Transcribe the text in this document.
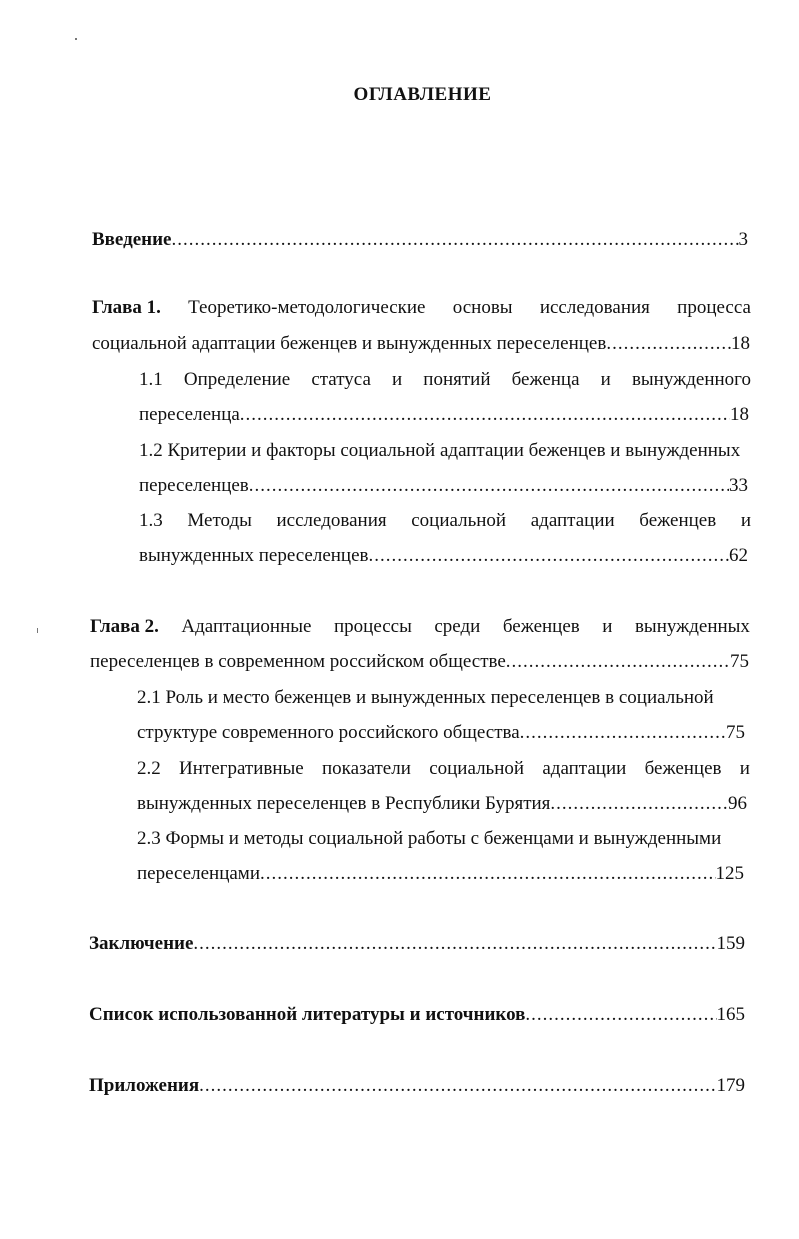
ОГЛАВЛЕНИЕ
Введение .....	3
Глава 1. Теоретико-методологические основы исследования процесса
социальной адаптации беженцев и вынужденных переселенцев .....	18
1.1 Определение статуса и понятий беженца и вынужденного
переселенца .....	18
1.2 Критерии и факторы социальной адаптации беженцев и вынужденных
переселенцев .....	33
1.3 Методы исследования социальной адаптации беженцев и
вынужденных переселенцев .....	62
Глава 2. Адаптационные процессы среди беженцев и вынужденных
переселенцев в современном российском обществе .....	75
2.1 Роль и место беженцев и вынужденных переселенцев в социальной
структуре современного российского общества .....	75
2.2 Интегративные показатели социальной адаптации беженцев и
вынужденных переселенцев в Республики Бурятия .....	96
2.3 Формы и методы социальной работы с беженцами и вынужденными
переселенцами .....	125
Заключение .....	159
Список использованной литературы и источников .....	165
Приложения .....	179
